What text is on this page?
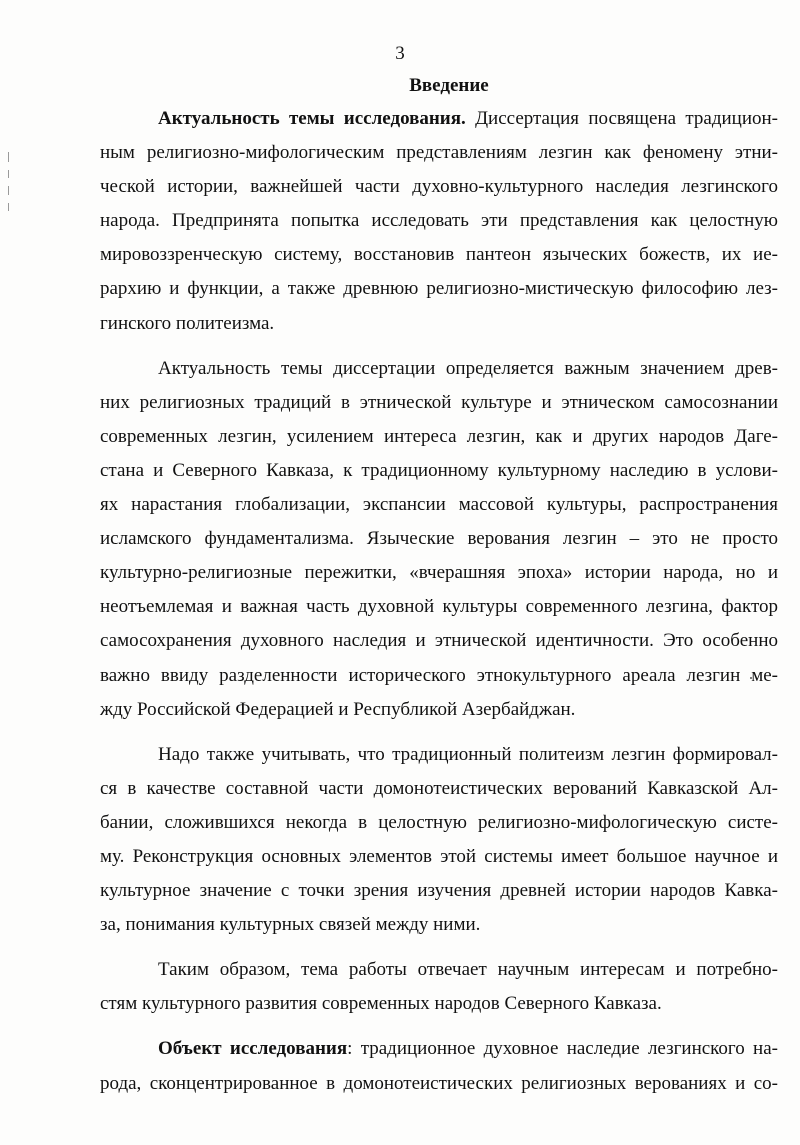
3
Введение
Актуальность темы исследования. Диссертация посвящена традицион-
ным религиозно-мифологическим представлениям лезгин как феномену этни-
ческой истории, важнейшей части духовно-культурного наследия лезгинского
народа. Предпринята попытка исследовать эти представления как целостную
мировоззренческую систему, восстановив пантеон языческих божеств, их ие-
рархию и функции, а также древнюю религиозно-мистическую философию лез-
гинского политеизма.
Актуальность темы диссертации определяется важным значением древ-
них религиозных традиций в этнической культуре и этническом самосознании
современных лезгин, усилением интереса лезгин, как и других народов Даге-
стана и Северного Кавказа, к традиционному культурному наследию в услови-
ях нарастания глобализации, экспансии массовой культуры, распространения
исламского фундаментализма. Языческие верования лезгин – это не просто
культурно-религиозные пережитки, «вчерашняя эпоха» истории народа, но и
неотъемлемая и важная часть духовной культуры современного лезгина, фактор
самосохранения духовного наследия и этнической идентичности. Это особенно
важно ввиду разделенности исторического этнокультурного ареала лезгин ме-
жду Российской Федерацией и Республикой Азербайджан.
Надо также учитывать, что традиционный политеизм лезгин формировал-
ся в качестве составной части домонотеистических верований Кавказской Ал-
бании, сложившихся некогда в целостную религиозно-мифологическую систе-
му. Реконструкция основных элементов этой системы имеет большое научное и
культурное значение с точки зрения изучения древней истории народов Кавка-
за, понимания культурных связей между ними.
Таким образом, тема работы отвечает научным интересам и потребно-
стям культурного развития современных народов Северного Кавказа.
Объект исследования: традиционное духовное наследие лезгинского на-
рода, сконцентрированное в домонотеистических религиозных верованиях и со-
